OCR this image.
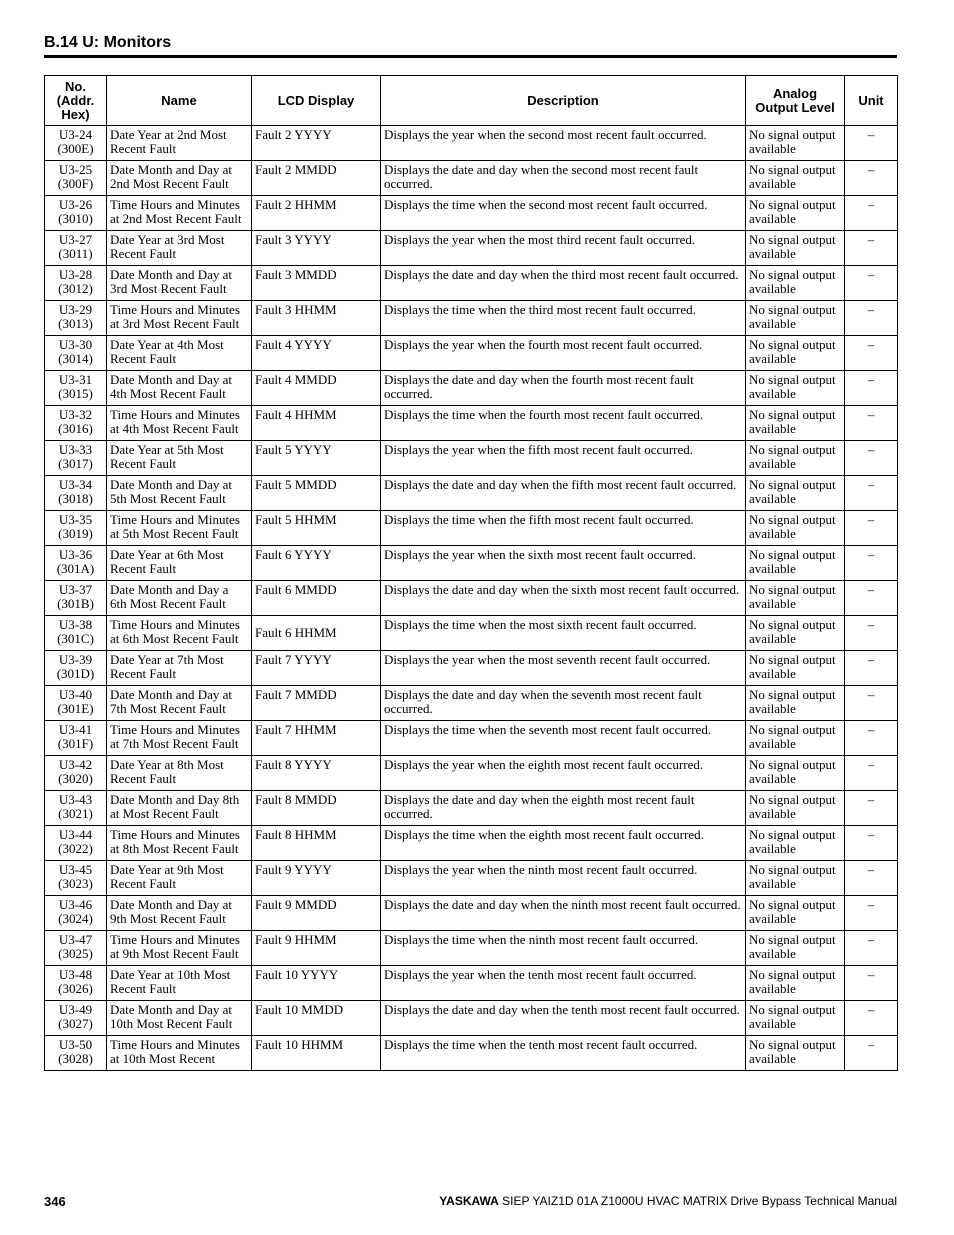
B.14 U: Monitors
No.
(Addr.
Hex)	Name	LCD Display	Description	Analog
Output Level	Unit
U3-24
(300E)	Date Year at 2nd Most
Recent Fault	Fault 2 YYYY	Displays the year when the second most recent fault occurred.	No signal output
available	–
U3-25
(300F)	Date Month and Day at
2nd Most Recent Fault	Fault 2 MMDD	Displays the date and day when the second most recent fault occurred.	No signal output
available	–
U3-26
(3010)	Time Hours and Minutes
at 2nd Most Recent Fault	Fault 2 HHMM	Displays the time when the second most recent fault occurred.	No signal output
available	–
U3-27
(3011)	Date Year at 3rd Most
Recent Fault	Fault 3 YYYY	Displays the year when the most third recent fault occurred.	No signal output
available	–
U3-28
(3012)	Date Month and Day at
3rd Most Recent Fault	Fault 3 MMDD	Displays the date and day when the third most recent fault occurred.	No signal output
available	–
U3-29
(3013)	Time Hours and Minutes
at 3rd Most Recent Fault	Fault 3 HHMM	Displays the time when the third most recent fault occurred.	No signal output
available	–
U3-30
(3014)	Date Year at 4th Most
Recent Fault	Fault 4 YYYY	Displays the year when the fourth most recent fault occurred.	No signal output
available	–
U3-31
(3015)	Date Month and Day at
4th Most Recent Fault	Fault 4 MMDD	Displays the date and day when the fourth most recent fault occurred.	No signal output
available	–
U3-32
(3016)	Time Hours and Minutes
at 4th Most Recent Fault	Fault 4 HHMM	Displays the time when the fourth most recent fault occurred.	No signal output
available	–
U3-33
(3017)	Date Year at 5th Most
Recent Fault	Fault 5 YYYY	Displays the year when the fifth most recent fault occurred.	No signal output
available	–
U3-34
(3018)	Date Month and Day at
5th Most Recent Fault	Fault 5 MMDD	Displays the date and day when the fifth most recent fault occurred.	No signal output
available	–
U3-35
(3019)	Time Hours and Minutes
at 5th Most Recent Fault	Fault 5 HHMM	Displays the time when the fifth most recent fault occurred.	No signal output
available	–
U3-36
(301A)	Date Year at 6th Most
Recent Fault	Fault 6 YYYY	Displays the year when the sixth most recent fault occurred.	No signal output
available	–
U3-37
(301B)	Date Month and Day a
6th Most Recent Fault	Fault 6 MMDD	Displays the date and day when the sixth most recent fault occurred.	No signal output
available	–
U3-38
(301C)	Time Hours and Minutes
at 6th Most Recent Fault	Fault 6 HHMM	Displays the time when the most sixth recent fault occurred.	No signal output
available	–
U3-39
(301D)	Date Year at 7th Most
Recent Fault	Fault 7 YYYY	Displays the year when the most seventh recent fault occurred.	No signal output
available	–
U3-40
(301E)	Date Month and Day at
7th Most Recent Fault	Fault 7 MMDD	Displays the date and day when the seventh most recent fault occurred.	No signal output
available	–
U3-41
(301F)	Time Hours and Minutes
at 7th Most Recent Fault	Fault 7 HHMM	Displays the time when the seventh most recent fault occurred.	No signal output
available	–
U3-42
(3020)	Date Year at 8th Most
Recent Fault	Fault 8 YYYY	Displays the year when the eighth most recent fault occurred.	No signal output
available	–
U3-43
(3021)	Date Month and Day 8th
at Most Recent Fault	Fault 8 MMDD	Displays the date and day when the eighth most recent fault occurred.	No signal output
available	–
U3-44
(3022)	Time Hours and Minutes
at 8th Most Recent Fault	Fault 8 HHMM	Displays the time when the eighth most recent fault occurred.	No signal output
available	–
U3-45
(3023)	Date Year at 9th Most
Recent Fault	Fault 9 YYYY	Displays the year when the ninth most recent fault occurred.	No signal output
available	–
U3-46
(3024)	Date Month and Day at
9th Most Recent Fault	Fault 9 MMDD	Displays the date and day when the ninth most recent fault occurred.	No signal output
available	–
U3-47
(3025)	Time Hours and Minutes
at 9th Most Recent Fault	Fault 9 HHMM	Displays the time when the ninth most recent fault occurred.	No signal output
available	–
U3-48
(3026)	Date Year at 10th Most
Recent Fault	Fault 10 YYYY	Displays the year when the tenth most recent fault occurred.	No signal output
available	–
U3-49
(3027)	Date Month and Day at
10th Most Recent Fault	Fault 10 MMDD	Displays the date and day when the tenth most recent fault occurred.	No signal output
available	–
U3-50
(3028)	Time Hours and Minutes
at 10th Most Recent	Fault 10 HHMM	Displays the time when the tenth most recent fault occurred.	No signal output
available	–
346	YASKAWA SIEP YAIZ1D 01A Z1000U HVAC MATRIX Drive Bypass Technical Manual
